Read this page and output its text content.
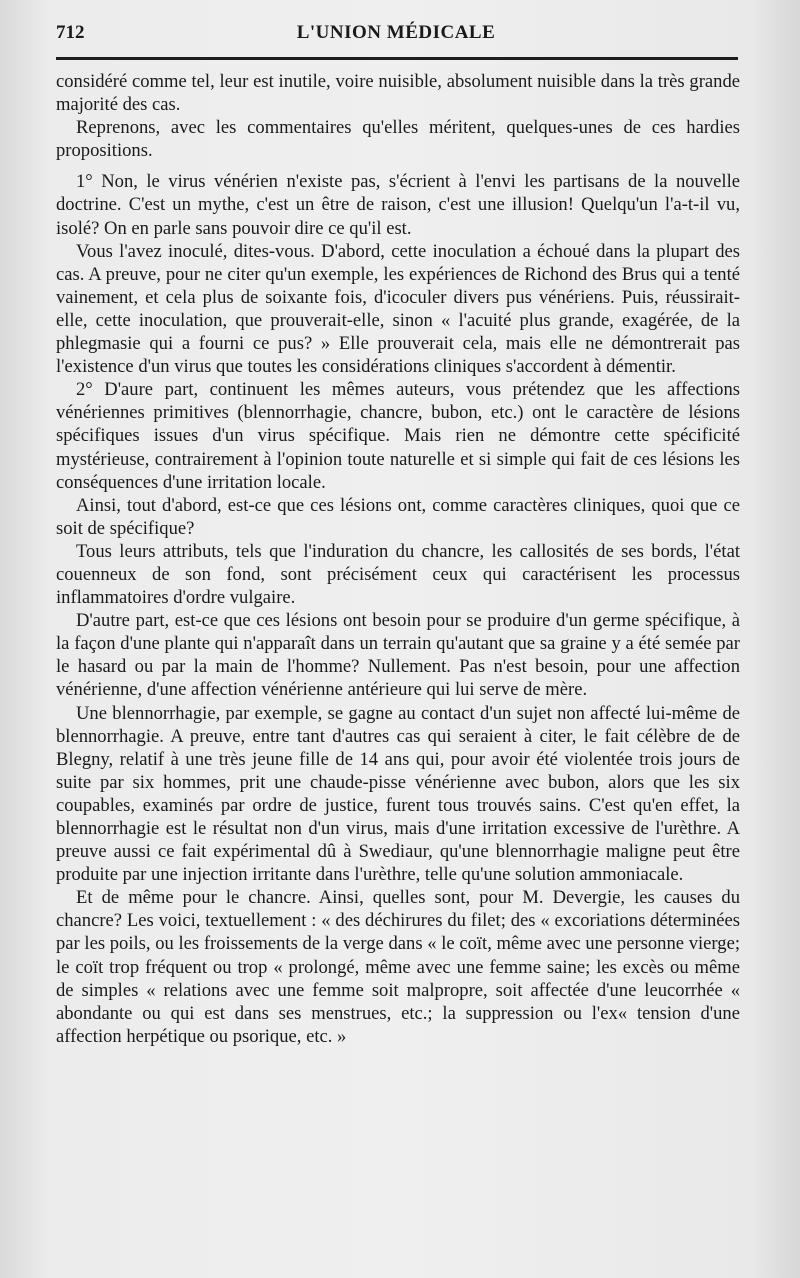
712	L'UNION MÉDICALE

considéré comme tel, leur est inutile, voire nuisible, absolument nuisible dans la très grande majorité des cas.

Reprenons, avec les commentaires qu'elles méritent, quelques-unes de ces hardies propositions.

1° Non, le virus vénérien n'existe pas, s'écrient à l'envi les partisans de la nouvelle doctrine. C'est un mythe, c'est un être de raison, c'est une illusion! Quelqu'un l'a-t-il vu, isolé? On en parle sans pouvoir dire ce qu'il est.

Vous l'avez inoculé, dites-vous. D'abord, cette inoculation a échoué dans la plupart des cas. A preuve, pour ne citer qu'un exemple, les expériences de Richond des Brus qui a tenté vainement, et cela plus de soixante fois, d'icoculer divers pus vénériens. Puis, réussirait-elle, cette inoculation, que prouverait-elle, sinon « l'acuité plus grande, exagérée, de la phlegmasie qui a fourni ce pus? » Elle prouverait cela, mais elle ne démontrerait pas l'existence d'un virus que toutes les considérations cliniques s'accordent à démentir.

2° D'aure part, continuent les mêmes auteurs, vous prétendez que les affections vénériennes primitives (blennorrhagie, chancre, bubon, etc.) ont le caractère de lésions spécifiques issues d'un virus spécifique. Mais rien ne démontre cette spécificité mystérieuse, contrairement à l'opinion toute naturelle et si simple qui fait de ces lésions les conséquences d'une irritation locale.

Ainsi, tout d'abord, est-ce que ces lésions ont, comme caractères cliniques, quoi que ce soit de spécifique?

Tous leurs attributs, tels que l'induration du chancre, les callosités de ses bords, l'état couenneux de son fond, sont précisément ceux qui caractérisent les processus inflammatoires d'ordre vulgaire.

D'autre part, est-ce que ces lésions ont besoin pour se produire d'un germe spécifique, à la façon d'une plante qui n'apparaît dans un terrain qu'autant que sa graine y a été semée par le hasard ou par la main de l'homme? Nullement. Pas n'est besoin, pour une affection vénérienne, d'une affection vénérienne antérieure qui lui serve de mère.

Une blennorrhagie, par exemple, se gagne au contact d'un sujet non affecté lui-même de blennorrhagie. A preuve, entre tant d'autres cas qui seraient à citer, le fait célèbre de de Blegny, relatif à une très jeune fille de 14 ans qui, pour avoir été violentée trois jours de suite par six hommes, prit une chaude-pisse vénérienne avec bubon, alors que les six coupables, examinés par ordre de justice, furent tous trouvés sains. C'est qu'en effet, la blennorrhagie est le résultat non d'un virus, mais d'une irritation excessive de l'urèthre. A preuve aussi ce fait expérimental dû à Swediaur, qu'une blennorrhagie maligne peut être produite par une injection irritante dans l'urèthre, telle qu'une solution ammoniacale.

Et de même pour le chancre. Ainsi, quelles sont, pour M. Devergie, les causes du chancre? Les voici, textuellement : « des déchirures du filet; des « excoriations déterminées par les poils, ou les froissements de la verge dans « le coït, même avec une personne vierge; le coït trop fréquent ou trop « prolongé, même avec une femme saine; les excès ou même de simples « relations avec une femme soit malpropre, soit affectée d'une leucorrhée « abondante ou qui est dans ses menstrues, etc.; la suppression ou l'ex« tension d'une affection herpétique ou psorique, etc. »
